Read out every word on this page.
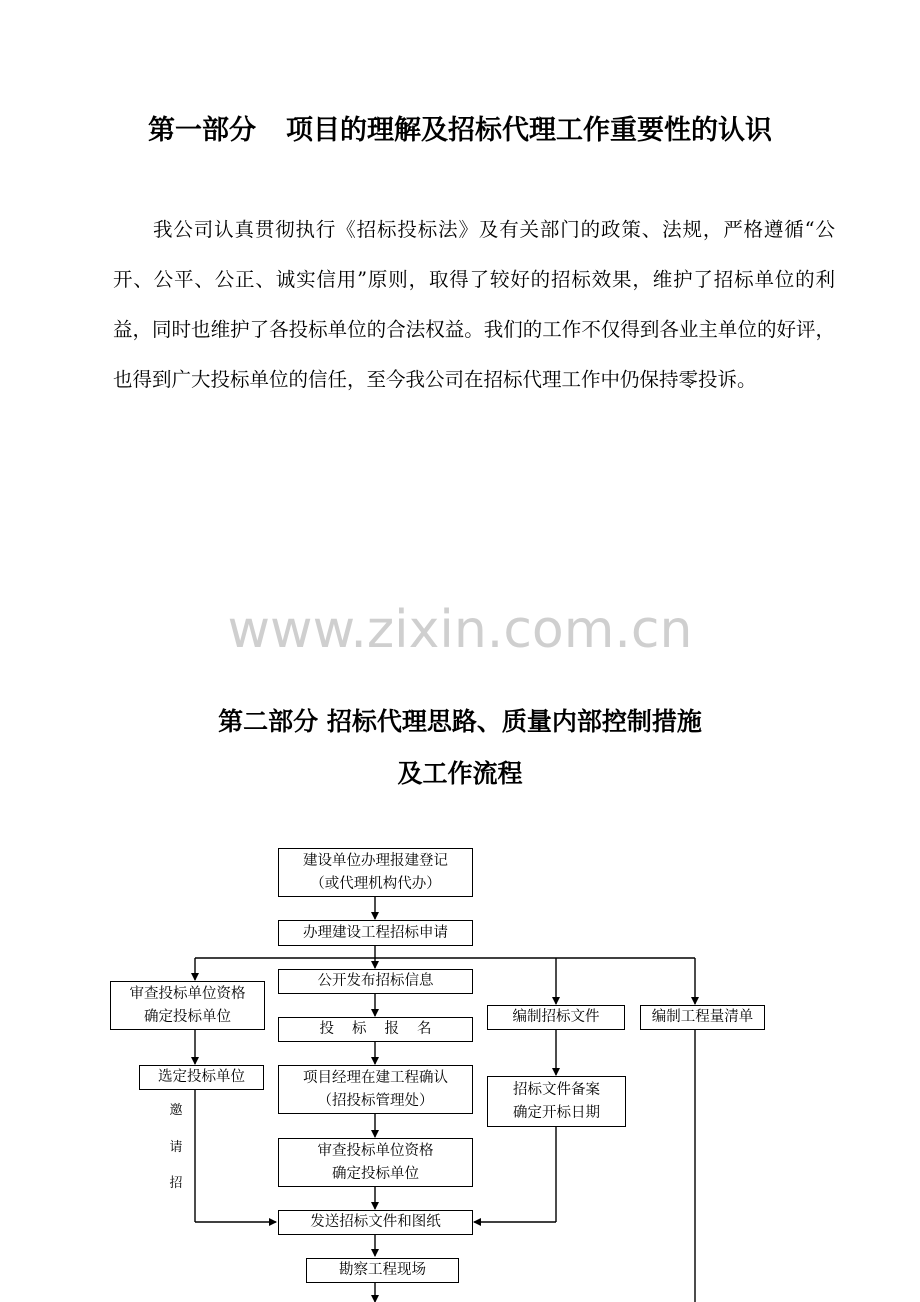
第一部分 项目的理解及招标代理工作重要性的认识
我公司认真贯彻执行《招标投标法》及有关部门的政策、法规，严格遵循“公开、公平、公正、诚实信用”原则，取得了较好的招标效果，维护了招标单位的利益，同时也维护了各投标单位的合法权益。我们的工作不仅得到各业主单位的好评，也得到广大投标单位的信任，至今我公司在招标代理工作中仍保持零投诉。
www.zixin.com.cn
第二部分 招标代理思路、质量内部控制措施
及工作流程
建设单位办理报建登记
（或代理机构代办）
办理建设工程招标申请
公开发布招标信息
审查投标单位资格
确定投标单位	编制招标文件	编制工程量清单
投标报名
选定投标单位	项目经理在建工程确认
（招投标管理处）
招标文件备案
确定开标日期
审查投标单位资格
确定投标单位
发送招标文件和图纸
勘察工程现场
邀
请
招
